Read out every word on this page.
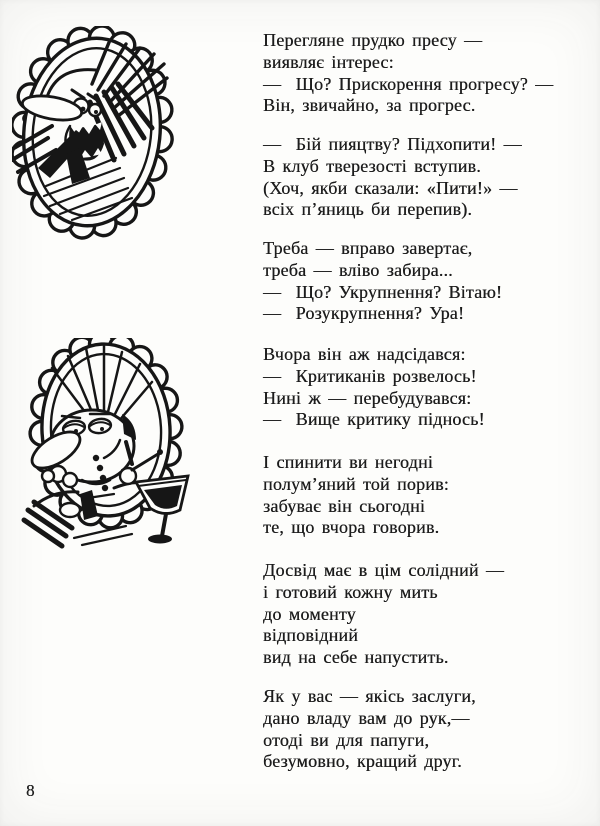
Перегляне прудко пресу —
виявляє інтерес:
—  Що? Прискорення прогресу? —
Він, звичайно, за прогрес.
—  Бій пияцтву? Підхопити! —
В клуб тверезості вступив.
(Хоч, якби сказали: «Пити!» —
всіх п’яниць би перепив).
Треба — вправо завертає,
треба — вліво забира...
—  Що? Укрупнення? Вітаю!
—  Розукрупнення? Ура!
Вчора він аж надсідався:
—  Критиканів розвелось!
Нині ж — перебудувався:
—  Вище критику піднось!
І спинити ви негодні
полум’яний той порив:
забуває він сьогодні
те, що вчора говорив.
Досвід має в цім солідний —
і готовий кожну мить
до моменту
відповідний
вид на себе напустить.
Як у вас — якісь заслуги,
дано владу вам до рук,—
отоді ви для папуги,
безумовно, кращий друг.
8
